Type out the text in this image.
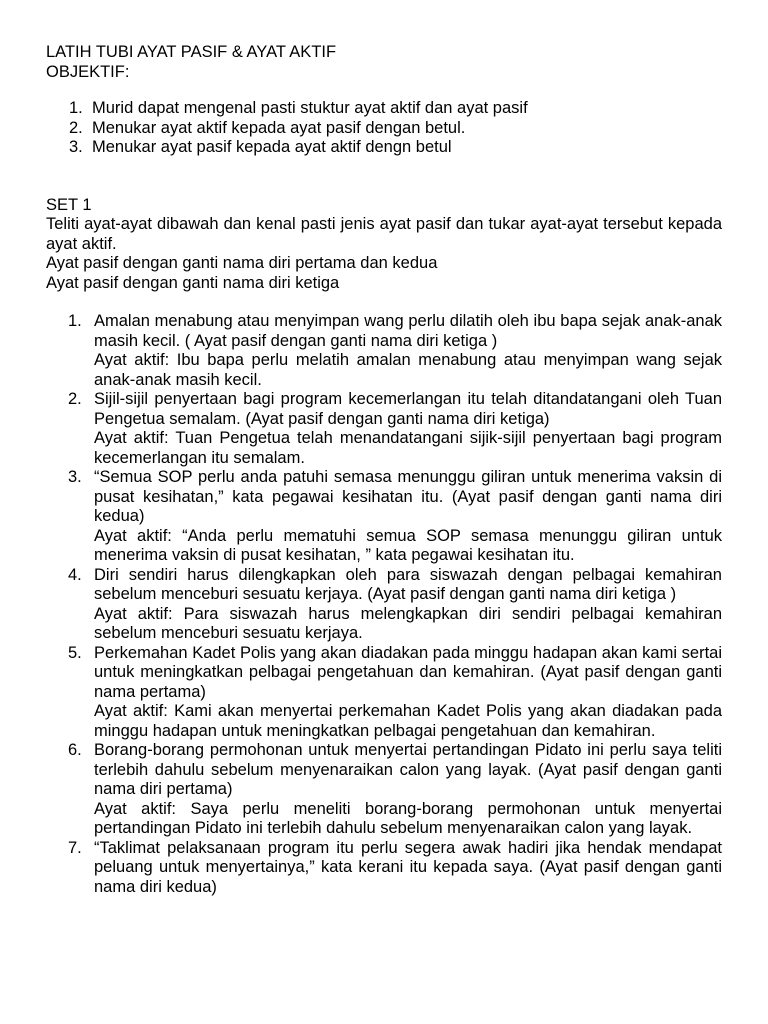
LATIH TUBI AYAT PASIF & AYAT AKTIF
OBJEKTIF:
1. Murid dapat mengenal pasti stuktur ayat aktif dan ayat pasif
2. Menukar ayat aktif kepada ayat pasif dengan betul.
3. Menukar ayat pasif kepada ayat aktif dengn betul
SET 1
Teliti ayat-ayat dibawah dan kenal pasti jenis ayat pasif dan tukar ayat-ayat tersebut kepada ayat aktif.
Ayat pasif dengan ganti nama diri pertama dan kedua
Ayat pasif dengan ganti nama diri ketiga
1. Amalan menabung atau menyimpan wang perlu dilatih oleh ibu bapa sejak anak-anak masih kecil. ( Ayat pasif dengan ganti nama diri ketiga )
Ayat aktif: Ibu bapa perlu melatih amalan menabung atau menyimpan wang sejak anak-anak masih kecil.
2. Sijil-sijil penyertaan bagi program kecemerlangan itu telah ditandatangani oleh Tuan Pengetua semalam. (Ayat pasif dengan ganti nama diri ketiga)
Ayat aktif: Tuan Pengetua telah menandatangani sijik-sijil penyertaan bagi program kecemerlangan itu semalam.
3. “Semua SOP perlu anda patuhi semasa menunggu giliran untuk menerima vaksin di pusat kesihatan,” kata pegawai kesihatan itu. (Ayat pasif dengan ganti nama diri kedua)
Ayat aktif: “Anda perlu mematuhi semua SOP semasa menunggu giliran untuk menerima vaksin di pusat kesihatan, ” kata pegawai kesihatan itu.
4. Diri sendiri harus dilengkapkan oleh para siswazah dengan pelbagai kemahiran sebelum menceburi sesuatu kerjaya. (Ayat pasif dengan ganti nama diri ketiga )
Ayat aktif: Para siswazah harus melengkapkan diri sendiri pelbagai kemahiran sebelum menceburi sesuatu kerjaya.
5. Perkemahan Kadet Polis yang akan diadakan pada minggu hadapan akan kami sertai untuk meningkatkan pelbagai pengetahuan dan kemahiran. (Ayat pasif dengan ganti nama pertama)
Ayat aktif: Kami akan menyertai perkemahan Kadet Polis yang akan diadakan pada minggu hadapan untuk meningkatkan pelbagai pengetahuan dan kemahiran.
6. Borang-borang permohonan untuk menyertai pertandingan Pidato ini perlu saya teliti terlebih dahulu sebelum menyenaraikan calon yang layak. (Ayat pasif dengan ganti nama diri pertama)
Ayat aktif: Saya perlu meneliti borang-borang permohonan untuk menyertai pertandingan Pidato ini terlebih dahulu sebelum menyenaraikan calon yang layak.
7. “Taklimat pelaksanaan program itu perlu segera awak hadiri jika hendak mendapat peluang untuk menyertainya,” kata kerani itu kepada saya. (Ayat pasif dengan ganti nama diri kedua)
